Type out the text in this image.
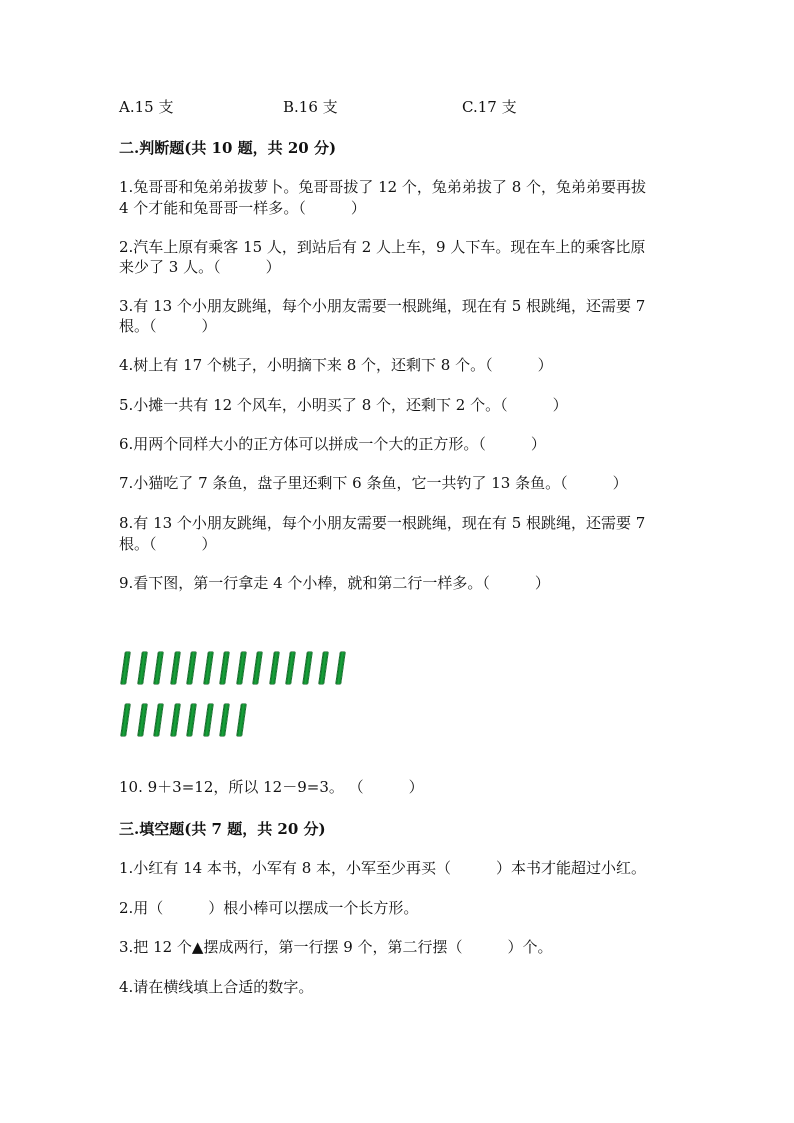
A.15 支	B.16 支	C.17 支
二.判断题(共 10 题，共 20 分)
1.兔哥哥和兔弟弟拔萝卜。兔哥哥拔了 12 个，兔弟弟拔了 8 个，兔弟弟要再拔
4 个才能和兔哥哥一样多。（　　　）
2.汽车上原有乘客 15 人，到站后有 2 人上车，9 人下车。现在车上的乘客比原
来少了 3 人。（　　　）
3.有 13 个小朋友跳绳，每个小朋友需要一根跳绳，现在有 5 根跳绳，还需要 7
根。（　　　）
4.树上有 17 个桃子，小明摘下来 8 个，还剩下 8 个。（　　　）
5.小摊一共有 12 个风车，小明买了 8 个，还剩下 2 个。（　　　）
6.用两个同样大小的正方体可以拼成一个大的正方形。（　　　）
7.小猫吃了 7 条鱼，盘子里还剩下 6 条鱼，它一共钓了 13 条鱼。（　　　）
8.有 13 个小朋友跳绳，每个小朋友需要一根跳绳，现在有 5 根跳绳，还需要 7
根。（　　　）
9.看下图，第一行拿走 4 个小棒，就和第二行一样多。（　　　）
10. 9＋3=12，所以 12－9=3。 （　　　）
三.填空题(共 7 题，共 20 分)
1.小红有 14 本书，小军有 8 本，小军至少再买（　　　）本书才能超过小红。
2.用（　　　）根小棒可以摆成一个长方形。
3.把 12 个▲摆成两行，第一行摆 9 个，第二行摆（　　　）个。
4.请在横线填上合适的数字。
